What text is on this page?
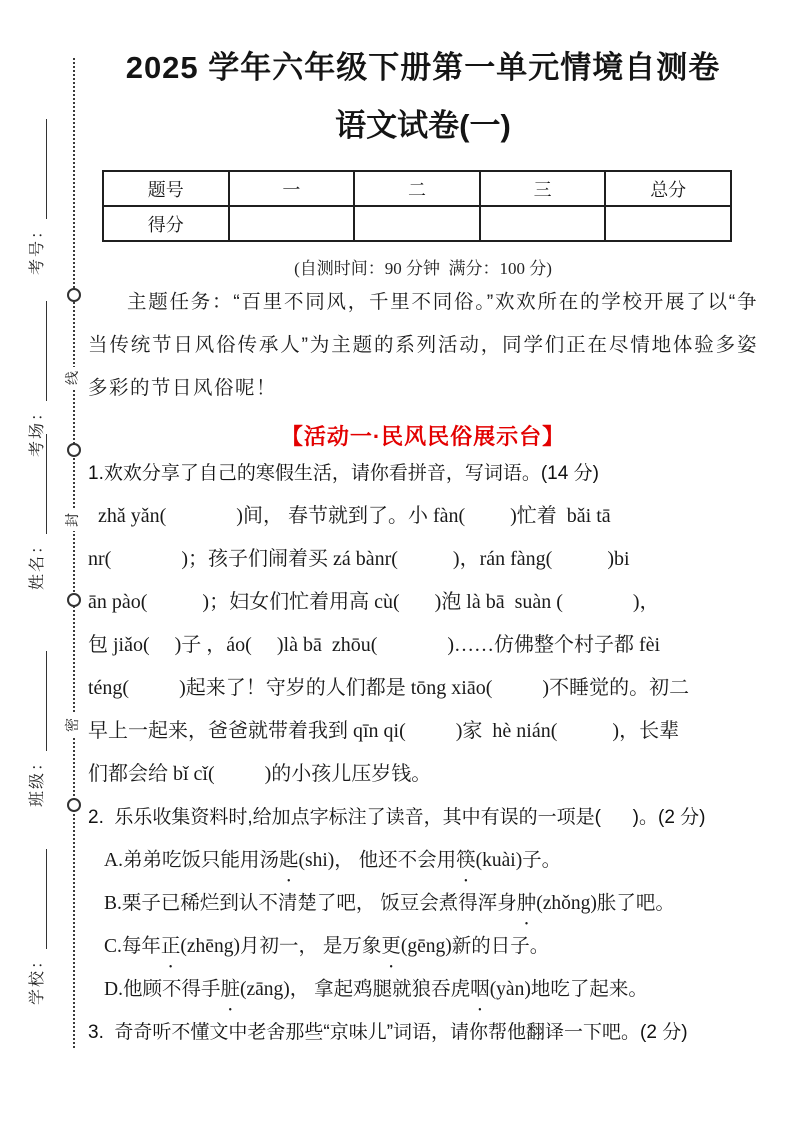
线
封
密
考号：
考场：
姓名：
班级：
学校：
2025 学年六年级下册第一单元情境自测卷
语文试卷(一)
题号	一	二	三	总分
得分				
(自测时间：90 分钟  满分：100 分)
主题任务：“百里不同风，千里不同俗。”欢欢所在的学校开展了以“争当传统节日风俗传承人”为主题的系列活动，同学们正在尽情地体验多姿多彩的节日风俗呢！
【活动一·民风民俗展示台】
1.欢欢分享了自己的寒假生活，请你看拼音，写词语。(14 分)
zhǎ yǎn(              )间， 春节就到了。小 fàn(         )忙着  bǎi tā
nr(              )；孩子们闹着买 zá bànr(           )，rán fàng(           )bi
ān pào(           )；妇女们忙着用高 cù(       )泡 là bā  suàn (              )，
包 jiǎo(     )子 ，áo(     )là bā  zhōu(              )……仿佛整个村子都 fèi
téng(          )起来了！守岁的人们都是 tōng xiāo(          )不睡觉的。初二
早上一起来，爸爸就带着我到 qīn qi(          )家  hè nián(           )，长辈
们都会给 bǐ cǐ(          )的小孩儿压岁钱。
2.  乐乐收集资料时,给加点字标注了读音，其中有误的一项是(      )。(2 分)
A.弟弟吃饭只能用汤匙(shi)， 他还不会用筷(kuài)子。
B.栗子已稀烂到认不清楚了吧， 饭豆会煮得浑身肿(zhǒng)胀了吧。
C.每年正(zhēng)月初一， 是万象更(gēng)新的日子。
D.他顾不得手脏(zāng)， 拿起鸡腿就狼吞虎咽(yàn)地吃了起来。
3.  奇奇听不懂文中老舍那些“京味儿”词语，请你帮他翻译一下吧。(2 分)
